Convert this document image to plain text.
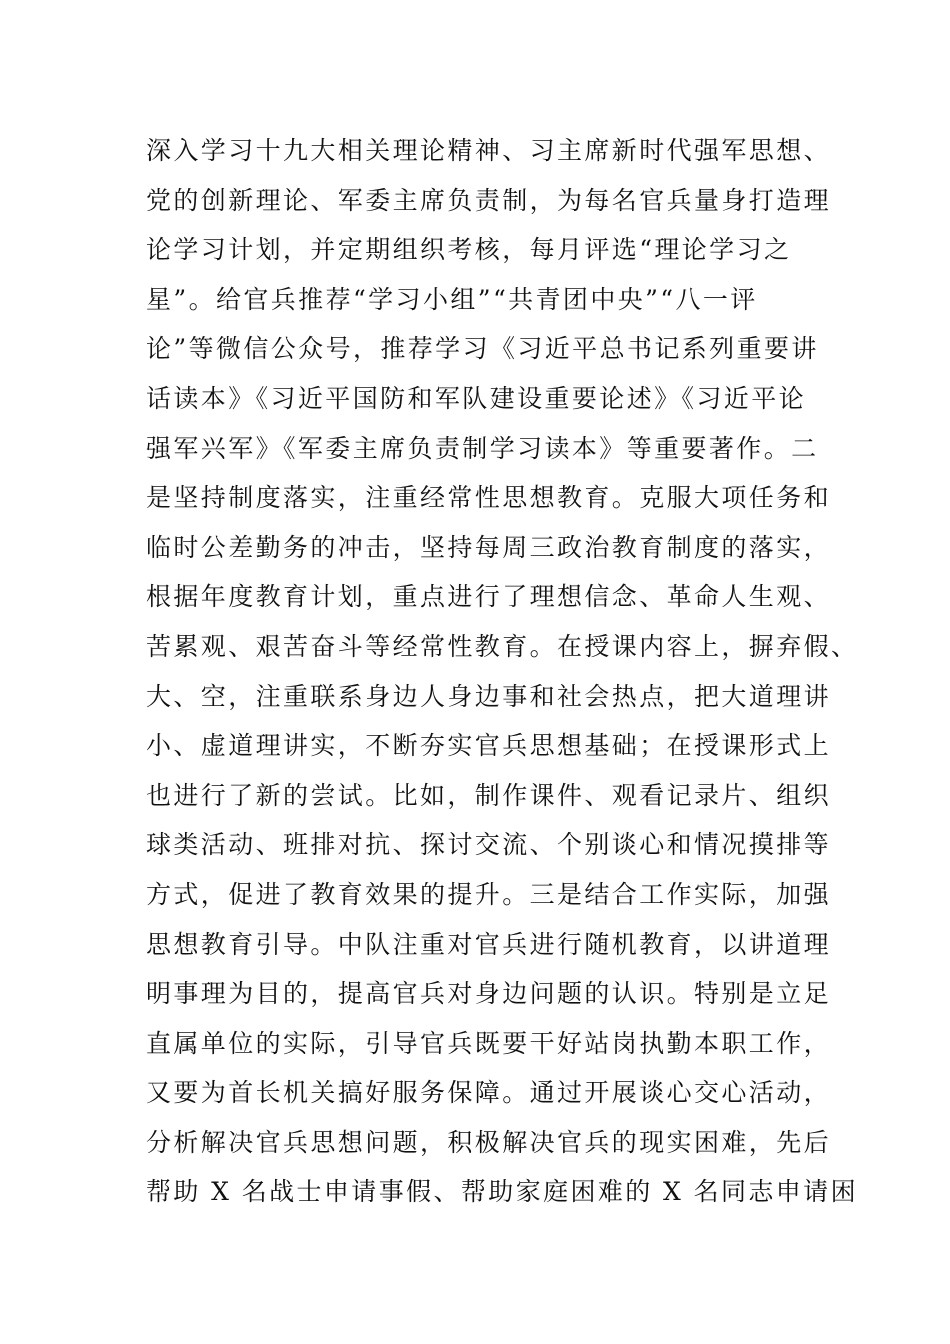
深入学习十九大相关理论精神、习主席新时代强军思想、
党的创新理论、军委主席负责制，为每名官兵量身打造理
论学习计划，并定期组织考核，每月评选“理论学习之
星”。给官兵推荐“学习小组”“共青团中央”“八一评
论”等微信公众号，推荐学习《习近平总书记系列重要讲
话读本》《习近平国防和军队建设重要论述》《习近平论
强军兴军》《军委主席负责制学习读本》等重要著作。二
是坚持制度落实，注重经常性思想教育。克服大项任务和
临时公差勤务的冲击，坚持每周三政治教育制度的落实，
根据年度教育计划，重点进行了理想信念、革命人生观、
苦累观、艰苦奋斗等经常性教育。在授课内容上，摒弃假、
大、空，注重联系身边人身边事和社会热点，把大道理讲
小、虚道理讲实，不断夯实官兵思想基础；在授课形式上
也进行了新的尝试。比如，制作课件、观看记录片、组织
球类活动、班排对抗、探讨交流、个别谈心和情况摸排等
方式，促进了教育效果的提升。三是结合工作实际，加强
思想教育引导。中队注重对官兵进行随机教育，以讲道理
明事理为目的，提高官兵对身边问题的认识。特别是立足
直属单位的实际，引导官兵既要干好站岗执勤本职工作，
又要为首长机关搞好服务保障。通过开展谈心交心活动，
分析解决官兵思想问题，积极解决官兵的现实困难，先后
帮助 X 名战士申请事假、帮助家庭困难的 X 名同志申请困
